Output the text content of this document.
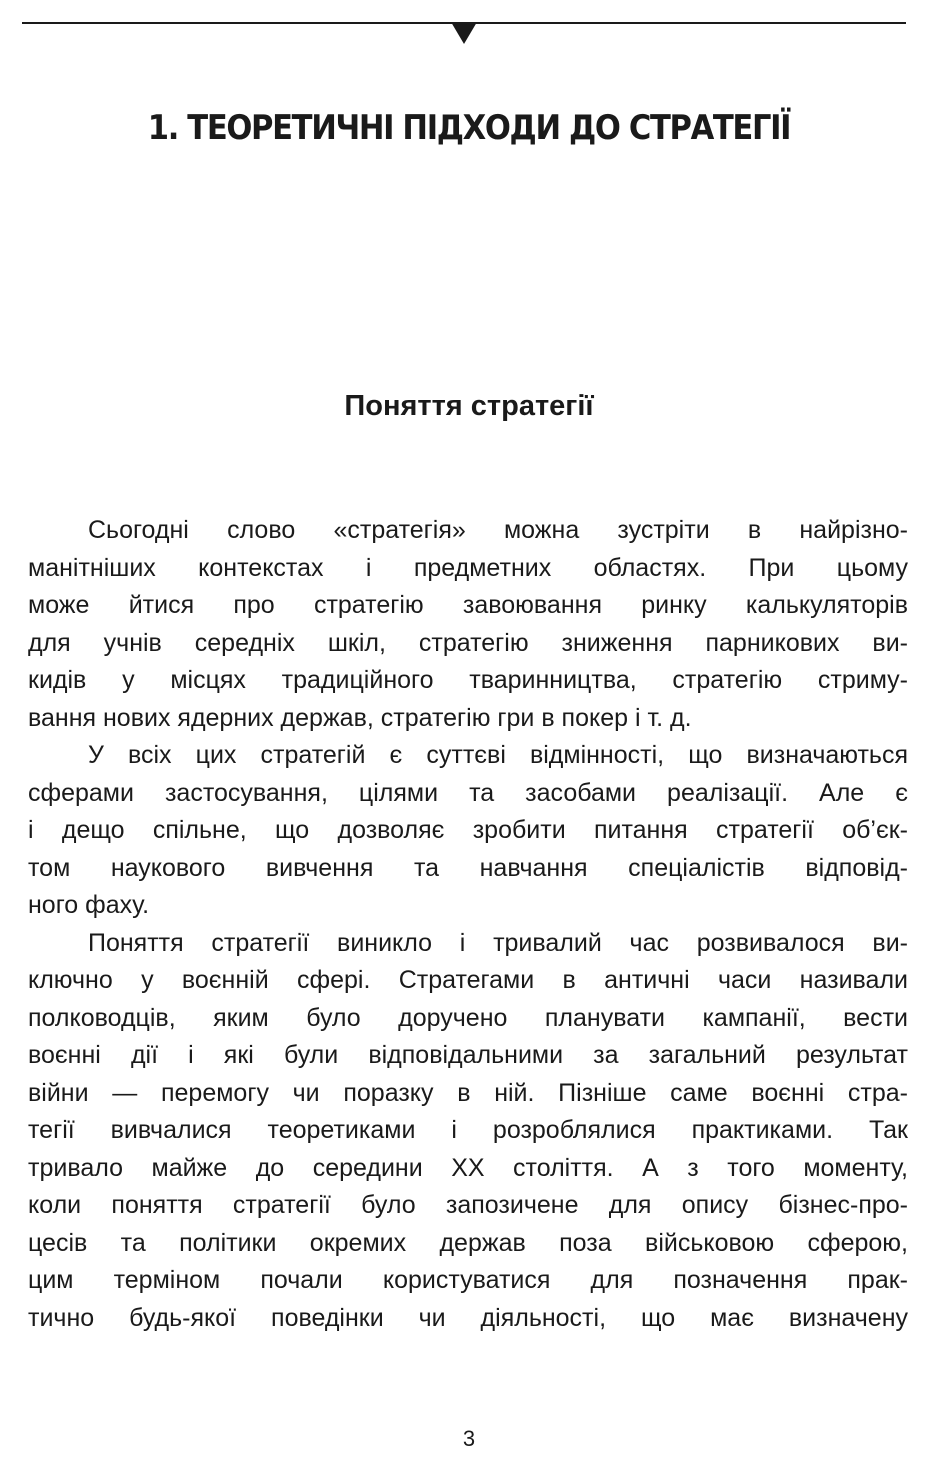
1. ТЕОРЕТИЧНІ ПІДХОДИ ДО СТРАТЕГІЇ
Поняття стратегії
Сьогодні слово «стратегія» можна зустріти в найрізно-
манітніших контекстах і предметних областях. При цьому
може йтися про стратегію завоювання ринку калькуляторів
для учнів середніх шкіл, стратегію зниження парникових ви-
кидів у місцях традиційного тваринництва, стратегію стриму-
вання нових ядерних держав, стратегію гри в покер і т. д.
У всіх цих стратегій є суттєві відмінності, що визначаються
сферами застосування, цілями та засобами реалізації. Але є
і дещо спільне, що дозволяє зробити питання стратегії об’єк-
том наукового вивчення та навчання спеціалістів відповід-
ного фаху.
Поняття стратегії виникло і тривалий час розвивалося ви-
ключно у воєнній сфері. Стратегами в античні часи називали
полководців, яким було доручено планувати кампанії, вести
воєнні дії і які були відповідальними за загальний результат
війни — перемогу чи поразку в ній. Пізніше саме воєнні стра-
тегії вивчалися теоретиками і розроблялися практиками. Так
тривало майже до середини XX століття. А з того моменту,
коли поняття стратегії було запозичене для опису бізнес-про-
цесів та політики окремих держав поза військовою сферою,
цим терміном почали користуватися для позначення прак-
тично будь-якої поведінки чи діяльності, що має визначену
3
